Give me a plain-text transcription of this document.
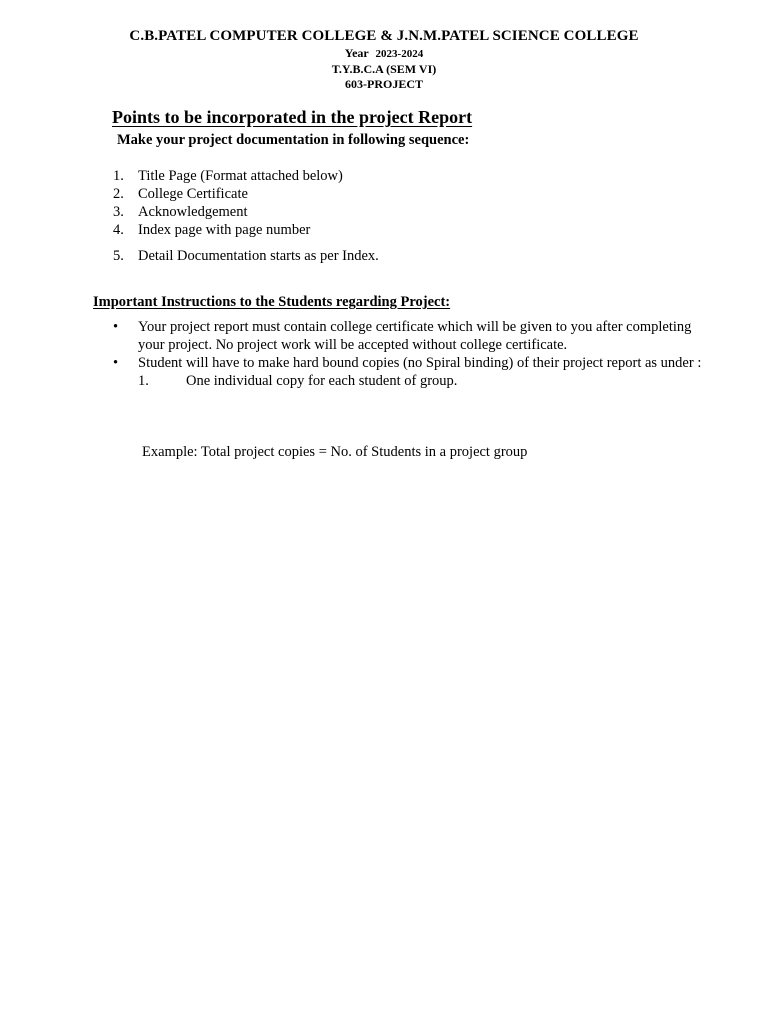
C.B.PATEL COMPUTER COLLEGE & J.N.M.PATEL SCIENCE COLLEGE
Year 2023-2024
T.Y.B.C.A (SEM VI)
603-PROJECT
Points to be incorporated in the project Report
Make your project documentation in following sequence:
1. Title Page (Format attached below)
2. College Certificate
3. Acknowledgement
4. Index page with page number
5. Detail Documentation starts as per Index.
Important Instructions to the Students regarding Project:
•	Your project report must contain college certificate which will be given to you after completing your project. No project work will be accepted without college certificate.
•	Student will have to make hard bound copies (no Spiral binding) of their project report as under :
1.	One individual copy for each student of group.
Example: Total project copies = No. of Students in a project group
